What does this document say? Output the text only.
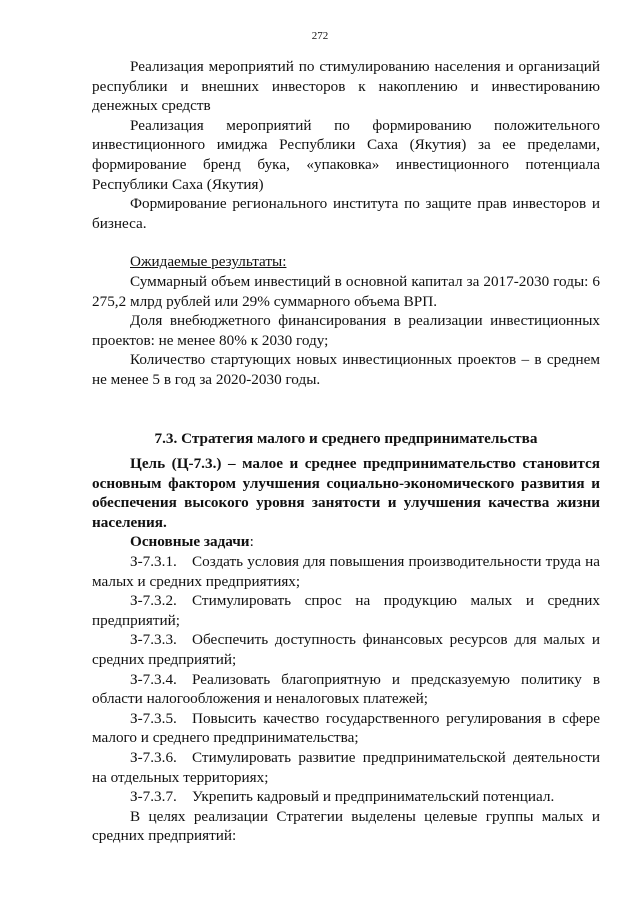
272

Реализация мероприятий по стимулированию населения и организаций республики и внешних инвесторов к накоплению и инвестированию денежных средств

Реализация мероприятий по формированию положительного инвестиционного имиджа Республики Саха (Якутия) за ее пределами, формирование бренд бука, «упаковка» инвестиционного потенциала Республики Саха (Якутия)

Формирование регионального института по защите прав инвесторов и бизнеса.

Ожидаемые результаты:

Суммарный объем инвестиций в основной капитал за 2017-2030 годы: 6 275,2 млрд рублей или 29% суммарного объема ВРП.

Доля внебюджетного финансирования в реализации инвестиционных проектов: не менее 80% к 2030 году;

Количество стартующих новых инвестиционных проектов – в среднем не менее 5 в год за 2020-2030 годы.

7.3. Стратегия малого и среднего предпринимательства

Цель (Ц-7.3.) – малое и среднее предпринимательство становится основным фактором улучшения социально-экономического развития и обеспечения высокого уровня занятости и улучшения качества жизни населения.

Основные задачи:

З-7.3.1. Создать условия для повышения производительности труда на малых и средних предприятиях;

З-7.3.2. Стимулировать спрос на продукцию малых и средних предприятий;

З-7.3.3. Обеспечить доступность финансовых ресурсов для малых и средних предприятий;

З-7.3.4. Реализовать благоприятную и предсказуемую политику в области налогообложения и неналоговых платежей;

З-7.3.5. Повысить качество государственного регулирования в сфере малого и среднего предпринимательства;

З-7.3.6. Стимулировать развитие предпринимательской деятельности на отдельных территориях;

З-7.3.7. Укрепить кадровый и предпринимательский потенциал.

В целях реализации Стратегии выделены целевые группы малых и средних предприятий:
